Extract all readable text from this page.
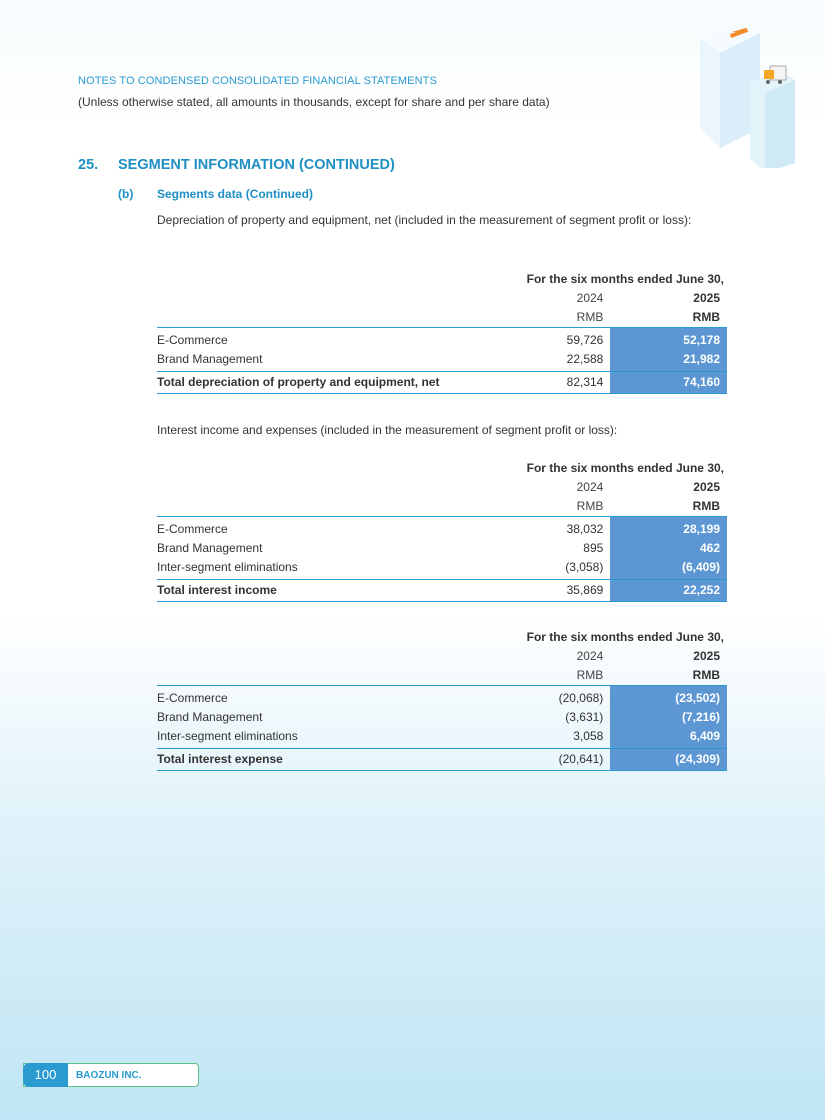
NOTES TO CONDENSED CONSOLIDATED FINANCIAL STATEMENTS
(Unless otherwise stated, all amounts in thousands, except for share and per share data)
25. SEGMENT INFORMATION (CONTINUED)
(b) Segments data (Continued)
Depreciation of property and equipment, net (included in the measurement of segment profit or loss):
For the six months ended June 30,		
	2024	2025
	RMB	RMB
E-Commerce	59,726	52,178
Brand Management	22,588	21,982
Total depreciation of property and equipment, net	82,314	74,160
Interest income and expenses (included in the measurement of segment profit or loss):
For the six months ended June 30,		
	2024	2025
	RMB	RMB
E-Commerce	38,032	28,199
Brand Management	895	462
Inter-segment eliminations	(3,058)	(6,409)
Total interest income	35,869	22,252
For the six months ended June 30,		
	2024	2025
	RMB	RMB
E-Commerce	(20,068)	(23,502)
Brand Management	(3,631)	(7,216)
Inter-segment eliminations	3,058	6,409
Total interest expense	(20,641)	(24,309)
100	BAOZUN INC.
